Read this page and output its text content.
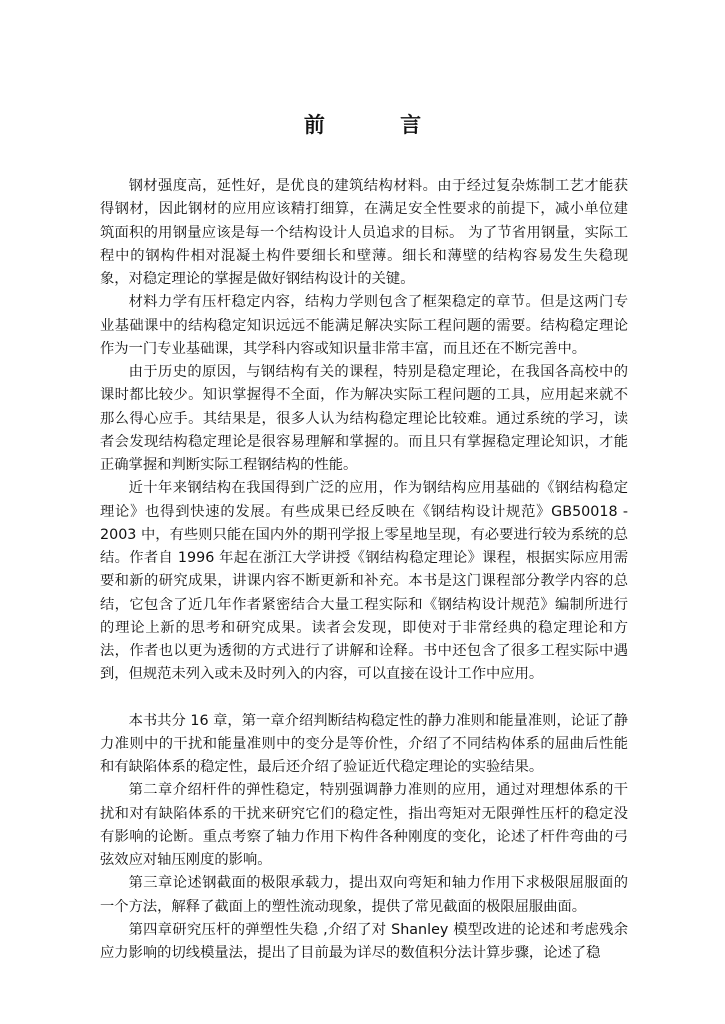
前 言

钢材强度高，延性好，是优良的建筑结构材料。由于经过复杂炼制工艺才能获得钢材，因此钢材的应用应该精打细算，在满足安全性要求的前提下，减小单位建筑面积的用钢量应该是每一个结构设计人员追求的目标。 为了节省用钢量，实际工程中的钢构件相对混凝土构件要细长和壁薄。细长和薄壁的结构容易发生失稳现象，对稳定理论的掌握是做好钢结构设计的关键。

材料力学有压杆稳定内容，结构力学则包含了框架稳定的章节。但是这两门专业基础课中的结构稳定知识远远不能满足解决实际工程问题的需要。结构稳定理论作为一门专业基础课，其学科内容或知识量非常丰富，而且还在不断完善中。

由于历史的原因，与钢结构有关的课程，特别是稳定理论，在我国各高校中的课时都比较少。知识掌握得不全面，作为解决实际工程问题的工具，应用起来就不那么得心应手。其结果是，很多人认为结构稳定理论比较难。通过系统的学习，读者会发现结构稳定理论是很容易理解和掌握的。而且只有掌握稳定理论知识，才能正确掌握和判断实际工程钢结构的性能。

近十年来钢结构在我国得到广泛的应用，作为钢结构应用基础的《钢结构稳定理论》也得到快速的发展。有些成果已经反映在《钢结构设计规范》GB50018 - 2003 中，有些则只能在国内外的期刊学报上零星地呈现，有必要进行较为系统的总结。作者自 1996 年起在浙江大学讲授《钢结构稳定理论》课程，根据实际应用需要和新的研究成果，讲课内容不断更新和补充。本书是这门课程部分教学内容的总结，它包含了近几年作者紧密结合大量工程实际和《钢结构设计规范》编制所进行的理论上新的思考和研究成果。读者会发现，即使对于非常经典的稳定理论和方法，作者也以更为透彻的方式进行了讲解和诠释。书中还包含了很多工程实际中遇到，但规范未列入或未及时列入的内容，可以直接在设计工作中应用。

本书共分 16 章，第一章介绍判断结构稳定性的静力准则和能量准则，论证了静力准则中的干扰和能量准则中的变分是等价性，介绍了不同结构体系的屈曲后性能和有缺陷体系的稳定性，最后还介绍了验证近代稳定理论的实验结果。

第二章介绍杆件的弹性稳定，特别强调静力准则的应用，通过对理想体系的干扰和对有缺陷体系的干扰来研究它们的稳定性，指出弯矩对无限弹性压杆的稳定没有影响的论断。重点考察了轴力作用下构件各种刚度的变化，论述了杆件弯曲的弓弦效应对轴压刚度的影响。

第三章论述钢截面的极限承载力，提出双向弯矩和轴力作用下求极限屈服面的一个方法，解释了截面上的塑性流动现象，提供了常见截面的极限屈服曲面。

第四章研究压杆的弹塑性失稳 ,介绍了对 Shanley 模型改进的论述和考虑残余应力影响的切线模量法，提出了目前最为详尽的数值积分法计算步骤，论述了稳
